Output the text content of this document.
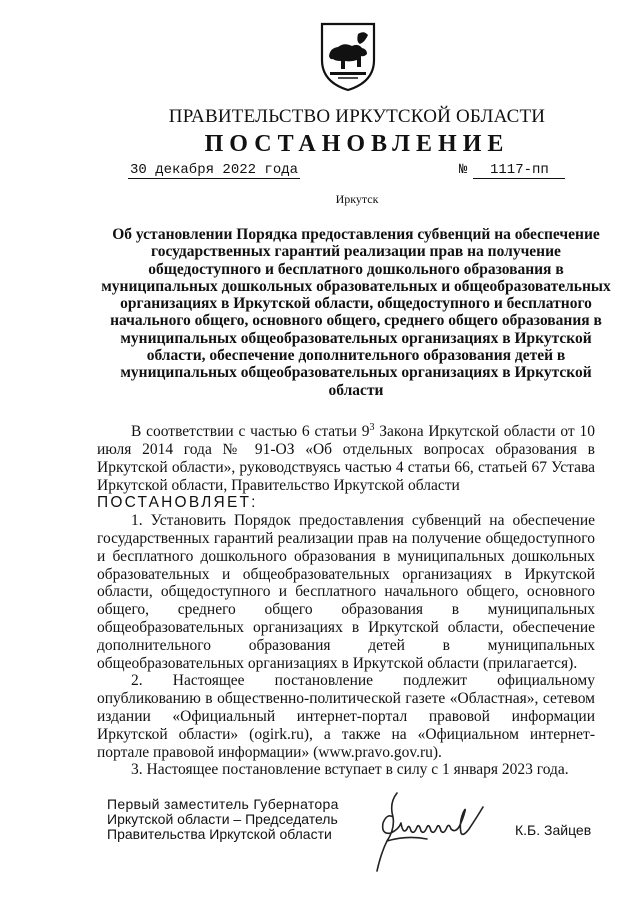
ПРАВИТЕЛЬСТВО ИРКУТСКОЙ ОБЛАСТИ
ПОСТАНОВЛЕНИЕ
30 декабря 2022 года	№ 1117-пп
Иркутск
Об установлении Порядка предоставления субвенций на обеспечение государственных гарантий реализации прав на получение общедоступного и бесплатного дошкольного образования в муниципальных дошкольных образовательных и общеобразовательных организациях в Иркутской области, общедоступного и бесплатного начального общего, основного общего, среднего общего образования в муниципальных общеобразовательных организациях в Иркутской области, обеспечение дополнительного образования детей в муниципальных общеобразовательных организациях в Иркутской области

В соответствии с частью 6 статьи $9^3$ Закона Иркутской области от 10 июля 2014 года № 91-ОЗ «Об отдельных вопросах образования в Иркутской области», руководствуясь частью 4 статьи 66, статьей 67 Устава Иркутской области, Правительство Иркутской области

ПОСТАНОВЛЯЕТ:

1. Установить Порядок предоставления субвенций на обеспечение государственных гарантий реализации прав на получение общедоступного и бесплатного дошкольного образования в муниципальных дошкольных образовательных и общеобразовательных организациях в Иркутской области, общедоступного и бесплатного начального общего, основного общего, среднего общего образования в муниципальных общеобразовательных организациях в Иркутской области, обеспечение дополнительного образования детей в муниципальных общеобразовательных организациях в Иркутской области (прилагается).

2. Настоящее постановление подлежит официальному опубликованию в общественно-политической газете «Областная», сетевом издании «Официальный интернет-портал правовой информации Иркутской области» (ogirk.ru), а также на «Официальном интернет-портале правовой информации» (www.pravo.gov.ru).

3. Настоящее постановление вступает в силу с 1 января 2023 года.

Первый заместитель Губернатора
Иркутской области – Председатель
Правительства Иркутской области	К.Б. Зайцев
